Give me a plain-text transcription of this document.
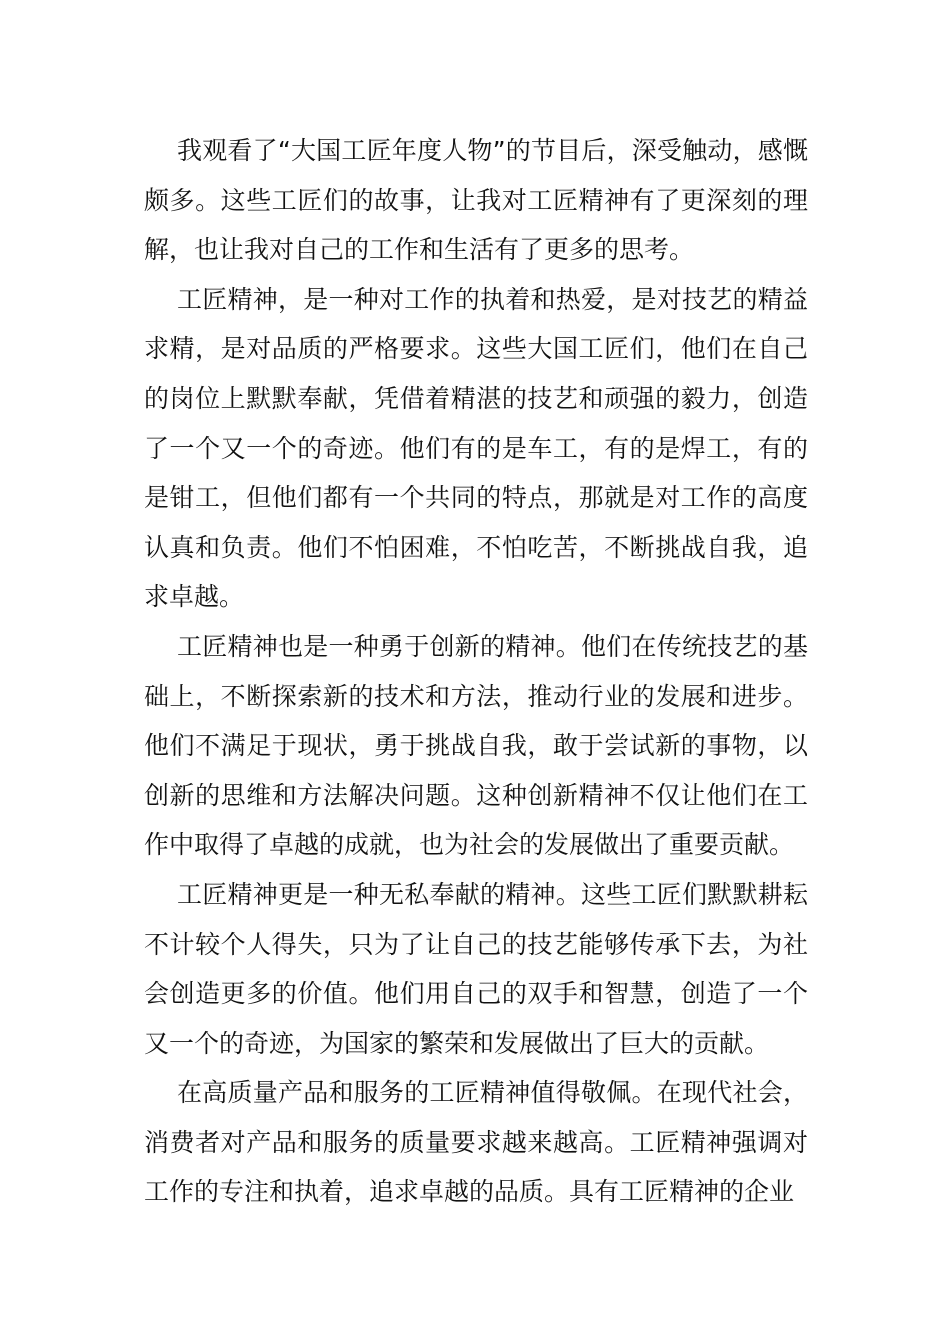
我观看了“大国工匠年度人物”的节目后，深受触动，感慨颇多。这些工匠们的故事，让我对工匠精神有了更深刻的理解，也让我对自己的工作和生活有了更多的思考。

工匠精神，是一种对工作的执着和热爱，是对技艺的精益求精，是对品质的严格要求。这些大国工匠们，他们在自己的岗位上默默奉献，凭借着精湛的技艺和顽强的毅力，创造了一个又一个的奇迹。他们有的是车工，有的是焊工，有的是钳工，但他们都有一个共同的特点，那就是对工作的高度认真和负责。他们不怕困难，不怕吃苦，不断挑战自我，追求卓越。

工匠精神也是一种勇于创新的精神。他们在传统技艺的基础上，不断探索新的技术和方法，推动行业的发展和进步。他们不满足于现状，勇于挑战自我，敢于尝试新的事物，以创新的思维和方法解决问题。这种创新精神不仅让他们在工作中取得了卓越的成就，也为社会的发展做出了重要贡献。

工匠精神更是一种无私奉献的精神。这些工匠们默默耕耘不计较个人得失，只为了让自己的技艺能够传承下去，为社会创造更多的价值。他们用自己的双手和智慧，创造了一个又一个的奇迹，为国家的繁荣和发展做出了巨大的贡献。

在高质量产品和服务的工匠精神值得敬佩。在现代社会，消费者对产品和服务的质量要求越来越高。工匠精神强调对工作的专注和执着，追求卓越的品质。具有工匠精神的企业
